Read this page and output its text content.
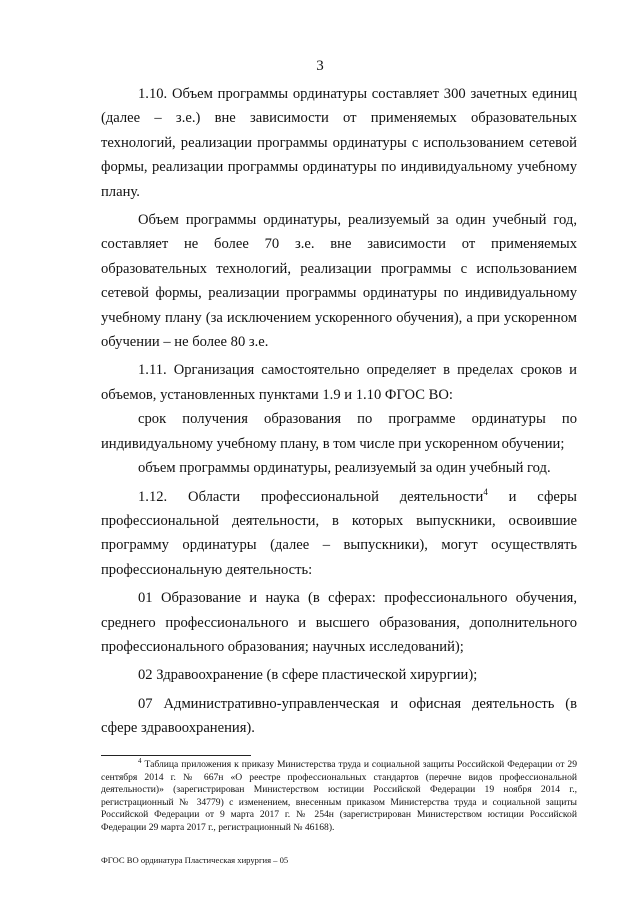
3

1.10. Объем программы ординатуры составляет 300 зачетных единиц (далее – з.е.) вне зависимости от применяемых образовательных технологий, реализации программы ординатуры с использованием сетевой формы, реализации программы ординатуры по индивидуальному учебному плану.

Объем программы ординатуры, реализуемый за один учебный год, составляет не более 70 з.е. вне зависимости от применяемых образовательных технологий, реализации программы с использованием сетевой формы, реализации программы ординатуры по индивидуальному учебному плану (за исключением ускоренного обучения), а при ускоренном обучении – не более 80 з.е.

1.11. Организация самостоятельно определяет в пределах сроков и объемов, установленных пунктами 1.9 и 1.10 ФГОС ВО:

срок получения образования по программе ординатуры по индивидуальному учебному плану, в том числе при ускоренном обучении;

объем программы ординатуры, реализуемый за один учебный год.

1.12. Области профессиональной деятельности$^4$ и сферы профессиональной деятельности, в которых выпускники, освоившие программу ординатуры (далее – выпускники), могут осуществлять профессиональную деятельность:

01 Образование и наука (в сферах: профессионального обучения, среднего профессионального и высшего образования, дополнительного профессионального образования; научных исследований);

02 Здравоохранение (в сфере пластической хирургии);

07 Административно-управленческая и офисная деятельность (в сфере здравоохранения).

$^4$ Таблица приложения к приказу Министерства труда и социальной защиты Российской Федерации от 29 сентября 2014 г. № 667н «О реестре профессиональных стандартов (перечне видов профессиональной деятельности)» (зарегистрирован Министерством юстиции Российской Федерации 19 ноября 2014 г., регистрационный № 34779) с изменением, внесенным приказом Министерства труда и социальной защиты Российской Федерации от 9 марта 2017 г. № 254н (зарегистрирован Министерством юстиции Российской Федерации 29 марта 2017 г., регистрационный № 46168).

ФГОС ВО ординатура Пластическая хирургия – 05
